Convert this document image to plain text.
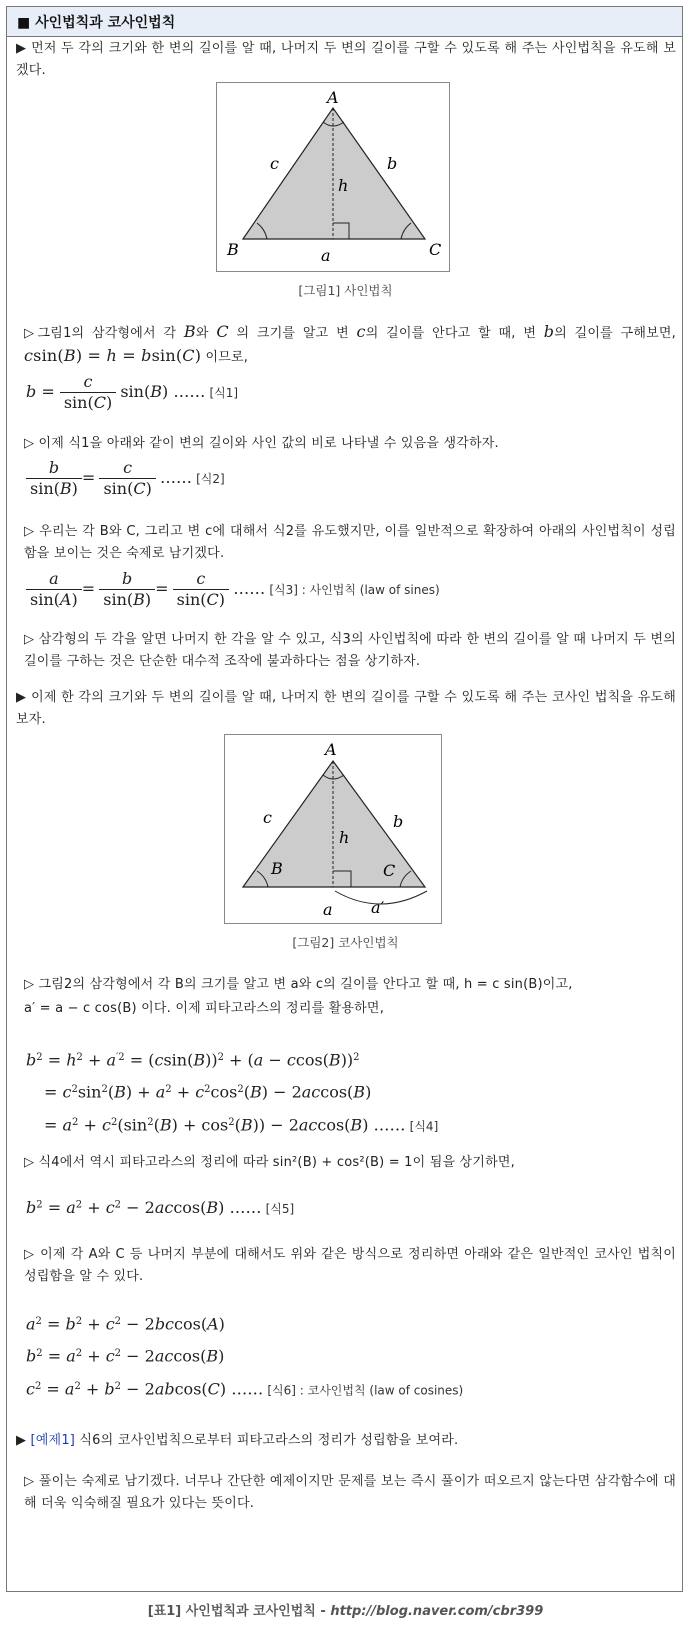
■ 사인법칙과 코사인법칙
▶ 먼저 두 각의 크기와 한 변의 길이를 알 때, 나머지 두 변의 길이를 구할 수 있도록 해 주는 사인법칙을 유도해 보겠다.
A
B	C
a
b
c
h
[그림1] 사인법칙
▷그림1의 삼각형에서 각 B와 C 의 크기를 알고 변 c의 길이를 안다고 할 때, 변 b의 길이를 구해보면, csin(B) = h = bsin(C) 이므로,
$b = \frac{c}{\sin(C)} \sin(B)$ …… [식1]
▷ 이제 식1을 아래와 같이 변의 길이와 사인 값의 비로 나타낼 수 있음을 생각하자.
$\frac{b}{\sin(B)} = \frac{c}{\sin(C)}$ …… [식2]
▷ 우리는 각 B와 C, 그리고 변 c에 대해서 식2를 유도했지만, 이를 일반적으로 확장하여 아래의 사인법칙이 성립함을 보이는 것은 숙제로 남기겠다.
$\frac{a}{\sin(A)} = \frac{b}{\sin(B)} = \frac{c}{\sin(C)}$ …… [식3] : 사인법칙 (law of sines)
▷ 삼각형의 두 각을 알면 나머지 한 각을 알 수 있고, 식3의 사인법칙에 따라 한 변의 길이를 알 때 나머지 두 변의 길이를 구하는 것은 단순한 대수적 조작에 불과하다는 점을 상기하자.
▶ 이제 한 각의 크기와 두 변의 길이를 알 때, 나머지 한 변의 길이를 구할 수 있도록 해 주는 코사인 법칙을 유도해 보자.
A
B	C
a a′
b
c
h
[그림2] 코사인법칙
▷ 그림2의 삼각형에서 각 B의 크기를 알고 변 a와 c의 길이를 안다고 할 때, h = c sin(B)이고,
a′ = a − c cos(B) 이다. 이제 피타고라스의 정리를 활용하면,
$b^2 = h^2 + a^{'2} = (csin(B))^2 + (a - ccos(B))^2$
= $c^2\sin^2(B) + a^2 + c^2\cos^2(B) - 2accos(B)$
= $a^2 + c^2(\sin^2(B) + \cos^2(B)) - 2accos(B)$ …… [식4]
▷ 식4에서 역시 피타고라스의 정리에 따라 sin²(B) + cos²(B) = 1이 됨을 상기하면,
$b^2 = a^2 + c^2 - 2accos(B)$ …… [식5]
▷ 이제 각 A와 C 등 나머지 부분에 대해서도 위와 같은 방식으로 정리하면 아래와 같은 일반적인 코사인 법칙이 성립함을 알 수 있다.
$a^2 = b^2 + c^2 - 2bccos(A)$
$b^2 = a^2 + c^2 - 2accos(B)$
$c^2 = a^2 + b^2 - 2abcos(C)$ …… [식6] : 코사인법칙 (law of cosines)
▶ [예제1] 식6의 코사인법칙으로부터 피타고라스의 정리가 성립함을 보여라.
▷ 풀이는 숙제로 남기겠다. 너무나 간단한 예제이지만 문제를 보는 즉시 풀이가 떠오르지 않는다면 삼각함수에 대해 더욱 익숙해질 필요가 있다는 뜻이다.
[표1] 사인법칙과 코사인법칙 - http://blog.naver.com/cbr399
